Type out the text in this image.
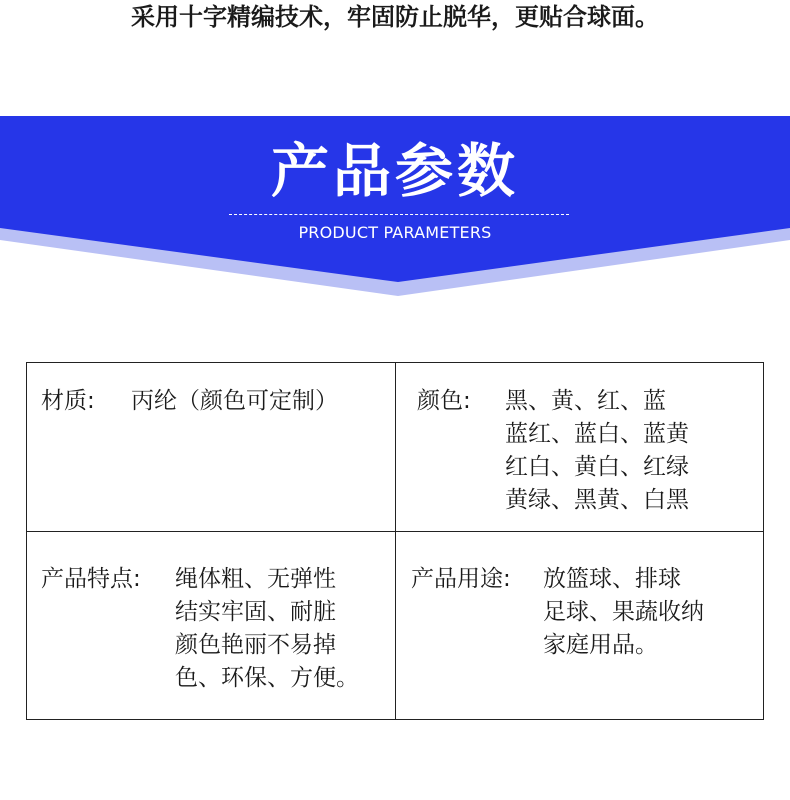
采用十字精编技术，牢固防止脱华，更贴合球面。
产品参数
PRODUCT PARAMETERS
材质:	丙纶（颜色可定制）	颜色:	黑、黄、红、蓝
蓝红、蓝白、蓝黄
红白、黄白、红绿
黄绿、黑黄、白黑
产品特点:	绳体粗、无弹性
结实牢固、耐脏
颜色艳丽不易掉
色、环保、方便。
产品用途:	放篮球、排球
足球、果蔬收纳
家庭用品。
